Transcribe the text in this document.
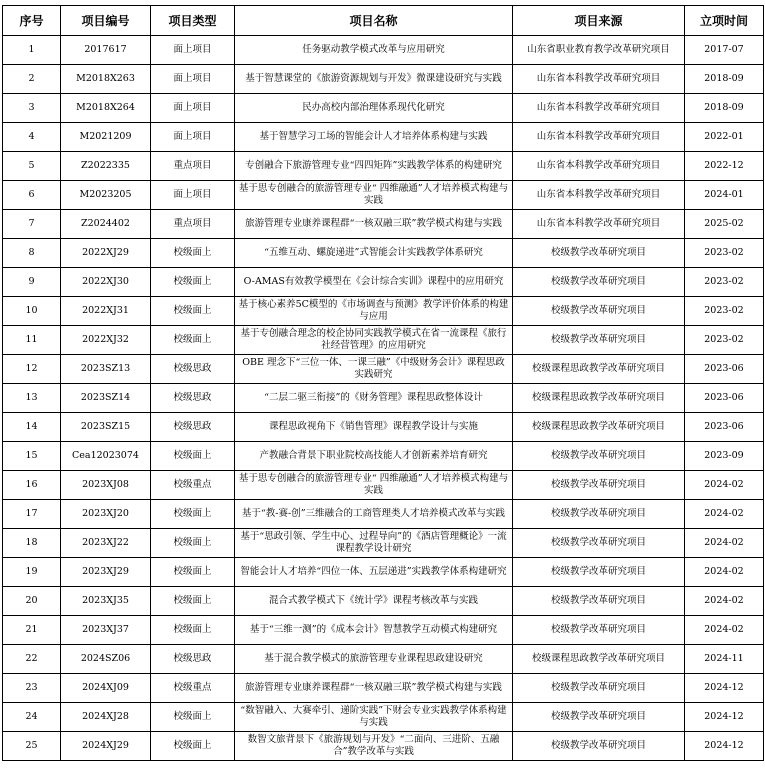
序号	项目编号	项目类型	项目名称	项目来源	立项时间
1	2017617	面上项目	任务驱动教学模式改革与应用研究	山东省职业教育教学改革研究项目	2017-07
2	M2018X263	面上项目	基于智慧课堂的《旅游资源规划与开发》微课建设研究与实践	山东省本科教学改革研究项目	2018-09
3	M2018X264	面上项目	民办高校内部治理体系现代化研究	山东省本科教学改革研究项目	2018-09
4	M2021209	面上项目	基于智慧学习工场的智能会计人才培养体系构建与实践	山东省本科教学改革研究项目	2022-01
5	Z2022335	重点项目	专创融合下旅游管理专业“四四矩阵”实践教学体系的构建研究	山东省本科教学改革研究项目	2022-12
6	M2023205	面上项目	基于思专创融合的旅游管理专业“ 四维融通”人才培养模式构建与实践	山东省本科教学改革研究项目	2024-01
7	Z2024402	重点项目	旅游管理专业康养课程群“一核双融三联”教学模式构建与实践	山东省本科教学改革研究项目	2025-02
8	2022XJ29	校级面上	“五维互动、螺旋递进”式智能会计实践教学体系研究	校级教学改革研究项目	2023-02
9	2022XJ30	校级面上	O-AMAS有效教学模型在《会计综合实训》课程中的应用研究	校级教学改革研究项目	2023-02
10	2022XJ31	校级面上	基于核心素养5C模型的《市场调查与预测》教学评价体系的构建与应用	校级教学改革研究项目	2023-02
11	2022XJ32	校级面上	基于专创融合理念的校企协同实践教学模式在省一流课程《旅行社经营管理》的应用研究	校级教学改革研究项目	2023-02
12	2023SZ13	校级思政	OBE 理念下“三位一体、一课三融”《中级财务会计》课程思政实践研究	校级课程思政教学改革研究项目	2023-06
13	2023SZ14	校级思政	“二层二驱三衔接”的《财务管理》课程思政整体设计	校级课程思政教学改革研究项目	2023-06
14	2023SZ15	校级思政	课程思政视角下《销售管理》课程教学设计与实施	校级课程思政教学改革研究项目	2023-06
15	Cea12023074	校级面上	产教融合背景下职业院校高技能人才创新素养培育研究	校级教学改革研究项目	2023-09
16	2023XJ08	校级重点	基于思专创融合的旅游管理专业“ 四维融通”人才培养模式构建与实践	校级教学改革研究项目	2024-02
17	2023XJ20	校级面上	基于“教-赛-创”三维融合的工商管理类人才培养模式改革与实践	校级教学改革研究项目	2024-02
18	2023XJ22	校级面上	基于“思政引领、学生中心、过程导向”的《酒店管理概论》一流课程教学设计研究	校级教学改革研究项目	2024-02
19	2023XJ29	校级面上	智能会计人才培养“四位一体、五层递进”实践教学体系构建研究	校级教学改革研究项目	2024-02
20	2023XJ35	校级面上	混合式教学模式下《统计学》课程考核改革与实践	校级教学改革研究项目	2024-02
21	2023XJ37	校级面上	基于“三维一测”的《成本会计》智慧教学互动模式构建研究	校级教学改革研究项目	2024-02
22	2024SZ06	校级思政	基于混合教学模式的旅游管理专业课程思政建设研究	校级课程思政教学改革研究项目	2024-11
23	2024XJ09	校级重点	旅游管理专业康养课程群“一核双融三联”教学模式构建与实践	校级教学改革研究项目	2024-12
24	2024XJ28	校级面上	“数智融入、大赛牵引、递阶实践”下财会专业实践教学体系构建与实践	校级教学改革研究项目	2024-12
25	2024XJ29	校级面上	数智文旅背景下《旅游规划与开发》“二面向、三进阶、五融合”教学改革与实践	校级教学改革研究项目	2024-12
